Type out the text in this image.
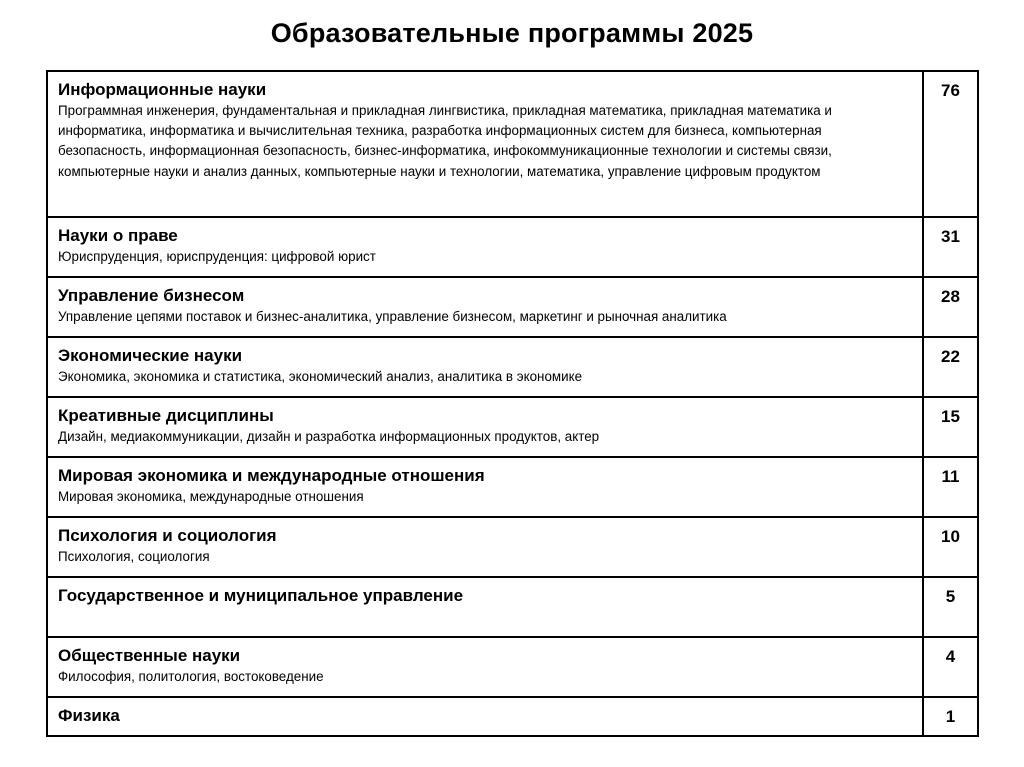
Образовательные программы 2025
Информационные науки
Программная инженерия, фундаментальная и прикладная лингвистика, прикладная математика, прикладная математика и информатика, информатика и вычислительная техника, разработка информационных систем для бизнеса, компьютерная безопасность, информационная безопасность, бизнес-информатика, инфокоммуникационные технологии и системы связи, компьютерные науки и анализ данных, компьютерные науки и технологии, математика, управление цифровым продуктом	76

Науки о праве
Юриспруденция, юриспруденция: цифровой юрист	31

Управление бизнесом
Управление цепями поставок и бизнес-аналитика, управление бизнесом, маркетинг и рыночная аналитика	28

Экономические науки
Экономика, экономика и статистика, экономический анализ, аналитика в экономике	22

Креативные дисциплины
Дизайн, медиакоммуникации, дизайн и разработка информационных продуктов, актер	15

Мировая экономика и международные отношения
Мировая экономика, международные отношения	11

Психология и социология
Психология, социология	10

Государственное и муниципальное управление	5

Общественные науки
Философия, политология, востоковедение	4

Физика	1
